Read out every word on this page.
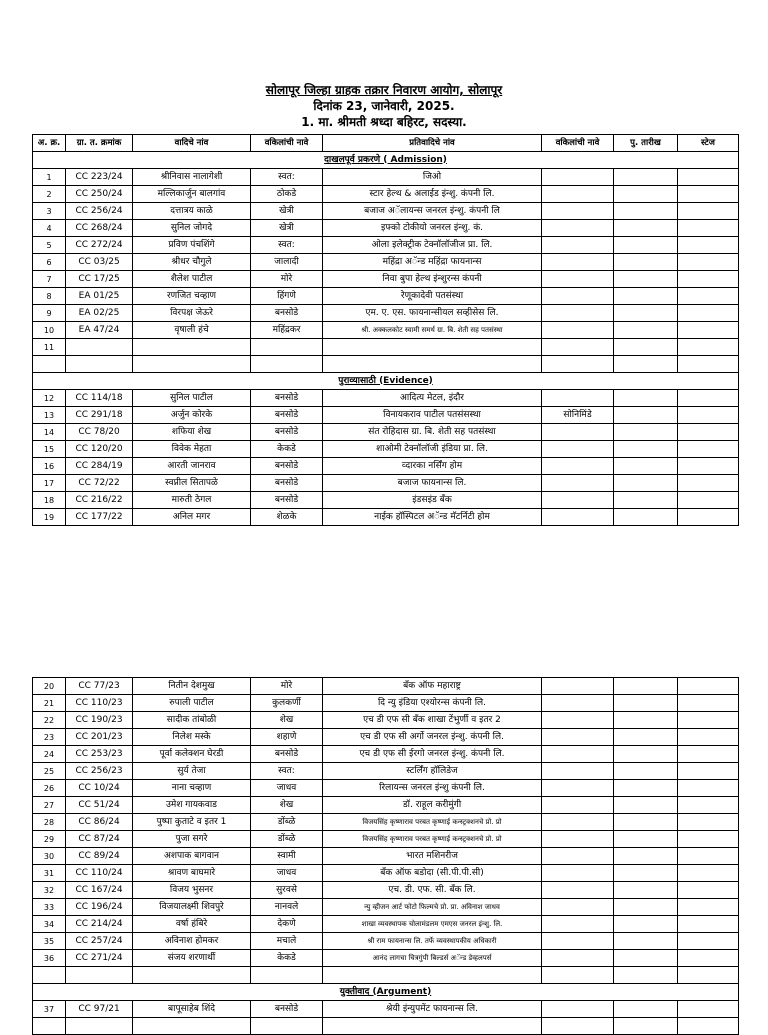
सोलापूर जिल्हा ग्राहक तक्रार निवारण आयोग, सोलापूर
दिनांक 23, जानेवारी, 2025.
1. मा. श्रीमती श्रध्दा बहिरट, सदस्या.
अ. क्र.	ग्रा. त. क्रमांक	वादिचे नांव	वकिलांची नावे	प्रतिवादिचे नांव	वकिलांची नावे	पु. तारीख	स्टेज
दाखलपूर्व प्रकरणे ( Admission)							
1	CC 223/24	श्रीनिवास नालागेशी	स्वत:	जिओ			
2	CC 250/24	मल्लिकार्जुन बालगांव	ठोकडे	स्टार हेल्थ & अलाईड इंन्शु. कंपनी लि.			
3	CC 256/24	दत्तात्रय काळे	खेत्री	बजाज अॅलायन्स जनरल इंन्शु. कंपनी लि			
4	CC 268/24	सुनिल जोगदे	खेत्री	इफ्को टोकीयो जनरल इंन्शु. कं.			
5	CC 272/24	प्रविण पंचशिंगे	स्वत:	ओला इलेक्ट्रीक टेक्नॉलॉजीज प्रा. लि.			
6	CC 03/25	श्रीधर चौगुले	जालादी	महिंद्रा अॅन्ड महिंद्रा फायनान्स			
7	CC 17/25	शैलेश पाटील	मोरे	निवा बुपा हेल्थ इंन्शुरन्स कंपनी			
8	EA 01/25	रणजित चव्हाण	हिंगणे	रेणूकादेवी पतसंस्था			
9	EA 02/25	विरपक्ष जेऊरे	बनसोडे	एम. ए. एस. फायनान्सीयल सव्हीसेस लि.			
10	EA 47/24	वृषाली हंचे	महिंद्रकर	श्री. अक्कलकोट स्वामी समर्थ ग्रा. बि. शेती सह पतसंस्था			
11							

पुराव्यासाठी (Evidence)							
12	CC 114/18	सुनिल पाटील	बनसोडे	आदित्य मेटल, इंदौर			
13	CC 291/18	अर्जुन कोरके	बनसोडे	विनायकराव पाटील पतसंसस्था	सोनिमिंडे		
14	CC 78/20	शफिया शेख	बनसोडे	संत रोहिदास ग्रा. बि. शेती सह पतसंस्था			
15	CC 120/20	विवेक मेहता	केकडे	शाओमी टेक्नॉलॉजी इंडिया प्रा. लि.			
16	CC 284/19	आरती जानराव	बनसोडे	व्दारका नर्सिंग होम			
17	CC 72/22	स्वप्नील सितापळे	बनसोडे	बजाज फायनान्स लि.			
18	CC 216/22	मारुती ठेगल	बनसोडे	इंडसइंड बँक			
19	CC 177/22	अनिल मगर	शेळके	नाईक हॉस्पिटल अॅन्ड मॅटर्निटी होम			
20	CC 77/23	नितीन देशमुख	मोरे	बँक ऑफ महाराष्ट्र			
21	CC 110/23	रुपाली पाटील	कुलकर्णी	दि न्यु इंडिया एश्योरन्स कंपनी लि.			
22	CC 190/23	सादीक तांबोळी	शेख	एच डी एफ सी बँक शाखा टेंभुर्णी व इतर 2			
23	CC 201/23	निलेश मस्के	शहाणे	एच डी एफ सी अर्गो जनरल इंन्शु. कंपनी लि.			
24	CC 253/23	पूर्वा कलेक्शन घेरडी	बनसोडे	एच डी एफ सी ईरगो जनरल इंन्शु. कंपनी लि.			
25	CC 256/23	सुर्य तेजा	स्वत:	स्टर्लिंग हॉलिडेज			
26	CC 10/24	नाना चव्हाण	जाधव	रिलायन्स जनरल इंन्शु कंपनी लि.			
27	CC 51/24	उमेश गायकवाड	शेख	डॉ. राहूल करीमुंगी			
28	CC 86/24	पुष्पा कुताटे व इतर 1	डोंब्ळे	विजयसिंह कृष्णाराव परबत कृष्णाई कन्स्ट्रक्शनचे प्रो. प्रो			
29	CC 87/24	पुजा सगरे	डोंब्ळे	विजयसिंह कृष्णाराव परबत कृष्णाई कन्स्ट्रक्शनचे प्रो. प्रो			
30	CC 89/24	अशपाक बागवान	स्वामी	भारत मशिनरीज			
31	CC 110/24	श्रावण बाघमारे	जाधव	बँक ऑफ बडोदा (सी.पी.पी.सी)			
32	CC 167/24	विजय भुसनर	सुरवसे	एच. डी. एफ. सी. बँक लि.			
33	CC 196/24	विजयालक्ष्मी शिवपुरे	नानवले	न्यु व्हीजन आर्ट फोटो फिल्मचे प्रो. प्रा. अविनाश जाधव			
34	CC 214/24	वर्षा हंबिरे	देकणे	शाखा व्यवस्थापक चोलामंडलम एमएस जनरल इंन्शु. लि.			
35	CC 257/24	अविनाश होमकर	मचाले	श्री राम फायनान्स लि. तर्फे व्यवस्थापकीय अधिकारी			
36	CC 271/24	संजय शरणार्थी	केकडे	आनंद लागचा चित्रगुंपी बिल्डर्स अॅन्ड डेव्हलपर्स			

युक्तीवाद (Argument)							
37	CC 97/21	बापूसाहेब शिंदे	बनसोडे	श्रेयी इंन्युपमेंट फायनान्स लि.			
